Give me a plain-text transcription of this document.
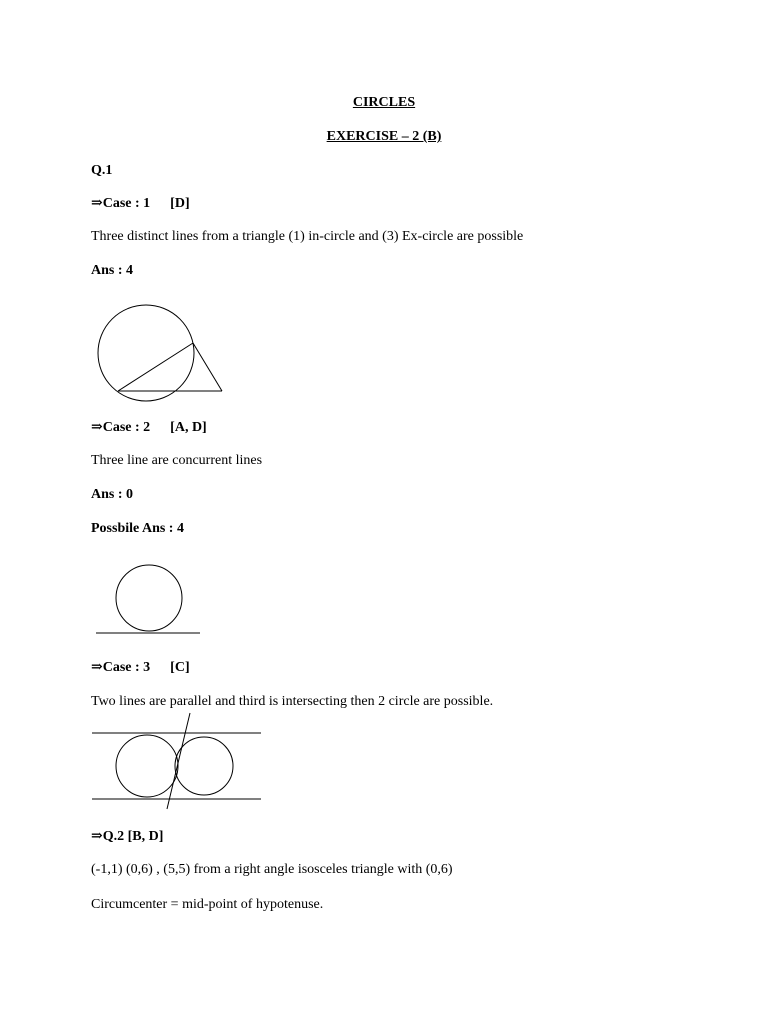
CIRCLES
EXERCISE – 2 (B)
Q.1
⇒Case : 1 [D]
Three distinct lines from a triangle (1) in-circle and (3) Ex-circle are possible
Ans : 4
⇒Case : 2 [A, D]
Three line are concurrent lines
Ans : 0
Possbile Ans : 4
⇒Case : 3 [C]
Two lines are parallel and third is intersecting then 2 circle are possible.
⇒Q.2 [B, D]
(-1,1) (0,6) , (5,5) from a right angle isosceles triangle with (0,6)
Circumcenter = mid-point of hypotenuse.
